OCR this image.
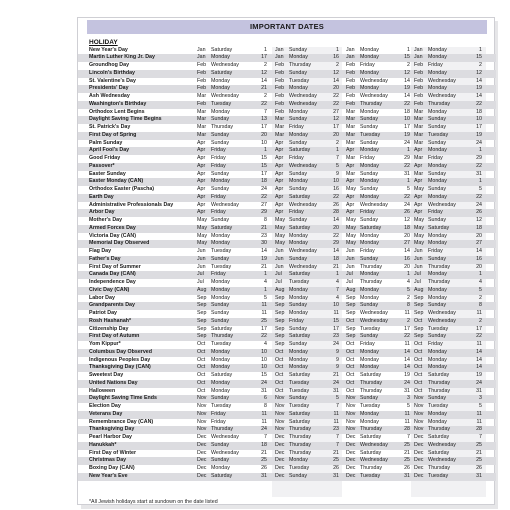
IMPORTANT DATES
HOLIDAY
New Year's Day	Jan Saturday	1 Jan Sunday	1 Jan Monday	1 Jan Monday	1
Martin Luther King Jr. Day	Jan Monday	17 Jan Monday	16 Jan Monday	15 Jan Monday	15
Groundhog Day	Feb Wednesday	2 Feb Thursday	2 Feb Friday	2 Feb Friday	2
Lincoln's Birthday	Feb Saturday	12 Feb Sunday	12 Feb Monday	12 Feb Monday	12
St. Valentine's Day	Feb Monday	14 Feb Tuesday	14 Feb Wednesday	14 Feb Wednesday	14
Presidents' Day	Feb Monday	21 Feb Monday	20 Feb Monday	19 Feb Monday	19
Ash Wednesday	Mar Wednesday	2 Feb Wednesday	22 Feb Wednesday	14 Feb Wednesday	14
Washington's Birthday	Feb Tuesday	22 Feb Wednesday	22 Feb Thursday	22 Feb Thursday	22
Orthodox Lent Begins	Mar Monday	7 Feb Monday	27 Mar Monday	18 Mar Monday	18
Daylight Saving Time Begins	Mar Sunday	13 Mar Sunday	12 Mar Sunday	10 Mar Sunday	10
St. Patrick's Day	Mar Thursday	17 Mar Friday	17 Mar Sunday	17 Mar Sunday	17
First Day of Spring	Mar Sunday	20 Mar Monday	20 Mar Tuesday	19 Mar Tuesday	19
Palm Sunday	Apr Sunday	10 Apr Sunday	2 Mar Sunday	24 Mar Sunday	24
April Fool's Day	Apr Friday	1 Apr Saturday	1 Apr Monday	1 Apr Monday	1
Good Friday	Apr Friday	15 Apr Friday	7 Mar Friday	29 Mar Friday	29
Passover*	Apr Friday	15 Apr Wednesday	5 Apr Monday	22 Apr Monday	22
Easter Sunday	Apr Sunday	17 Apr Sunday	9 Mar Sunday	31 Mar Sunday	31
Easter Monday (CAN)	Apr Monday	18 Apr Monday	10 Apr Monday	1 Apr Monday	1
Orthodox Easter (Pascha)	Apr Sunday	24 Apr Sunday	16 May Sunday	5 May Sunday	5
Earth Day	Apr Friday	22 Apr Saturday	22 Apr Monday	22 Apr Monday	22
Administrative Professionals Day	Apr Wednesday	27 Apr Wednesday	26 Apr Wednesday	24 Apr Wednesday	24
Arbor Day	Apr Friday	29 Apr Friday	28 Apr Friday	26 Apr Friday	26
Mother's Day	May Sunday	8 May Sunday	14 May Sunday	12 May Sunday	12
Armed Forces Day	May Saturday	21 May Saturday	20 May Saturday	18 May Saturday	18
Victoria Day (CAN)	May Monday	23 May Monday	22 May Monday	20 May Monday	20
Memorial Day Observed	May Monday	30 May Monday	29 May Monday	27 May Monday	27
Flag Day	Jun Tuesday	14 Jun Wednesday	14 Jun Friday	14 Jun Friday	14
Father's Day	Jun Sunday	19 Jun Sunday	18 Jun Sunday	16 Jun Sunday	16
First Day of Summer	Jun Tuesday	21 Jun Wednesday	21 Jun Thursday	20 Jun Thursday	20
Canada Day (CAN)	Jul Friday	1 Jul Saturday	1 Jul Monday	1 Jul Monday	1
Independence Day	Jul Monday	4 Jul Tuesday	4 Jul Thursday	4 Jul Thursday	4
Civic Day (CAN)	Aug Monday	1 Aug Monday	7 Aug Monday	5 Aug Monday	5
Labor Day	Sep Monday	5 Sep Monday	4 Sep Monday	2 Sep Monday	2
Grandparents Day	Sep Sunday	11 Sep Sunday	10 Sep Sunday	8 Sep Sunday	8
Patriot Day	Sep Sunday	11 Sep Monday	11 Sep Wednesday	11 Sep Wednesday	11
Rosh Hashanah*	Sep Sunday	25 Sep Friday	15 Oct Wednesday	2 Oct Wednesday	2
Citizenship Day	Sep Saturday	17 Sep Sunday	17 Sep Tuesday	17 Sep Tuesday	17
First Day of Autumn	Sep Thursday	22 Sep Saturday	23 Sep Sunday	22 Sep Sunday	22
Yom Kippur*	Oct Tuesday	4 Sep Sunday	24 Oct Friday	11 Oct Friday	11
Columbus Day Observed	Oct Monday	10 Oct Monday	9 Oct Monday	14 Oct Monday	14
Indigenous Peoples Day	Oct Monday	10 Oct Monday	9 Oct Monday	14 Oct Monday	14
Thanksgiving Day (CAN)	Oct Monday	10 Oct Monday	9 Oct Monday	14 Oct Monday	14
Sweetest Day	Oct Saturday	15 Oct Saturday	21 Oct Saturday	19 Oct Saturday	19
United Nations Day	Oct Monday	24 Oct Tuesday	24 Oct Thursday	24 Oct Thursday	24
Halloween	Oct Monday	31 Oct Tuesday	31 Oct Thursday	31 Oct Thursday	31
Daylight Saving Time Ends	Nov Sunday	6 Nov Sunday	5 Nov Sunday	3 Nov Sunday	3
Election Day	Nov Tuesday	8 Nov Tuesday	7 Nov Tuesday	5 Nov Tuesday	5
Veterans Day	Nov Friday	11 Nov Saturday	11 Nov Monday	11 Nov Monday	11
Remembrance Day (CAN)	Nov Friday	11 Nov Saturday	11 Nov Monday	11 Nov Monday	11
Thanksgiving Day	Nov Thursday	24 Nov Thursday	23 Nov Thursday	28 Nov Thursday	28
Pearl Harbor Day	Dec Wednesday	7 Dec Thursday	7 Dec Saturday	7 Dec Saturday	7
Hanukkah*	Dec Sunday	18 Dec Thursday	7 Dec Wednesday	25 Dec Wednesday	25
First Day of Winter	Dec Wednesday	21 Dec Thursday	21 Dec Saturday	21 Dec Saturday	21
Christmas Day	Dec Sunday	25 Dec Monday	25 Dec Wednesday	25 Dec Wednesday	25
Boxing Day (CAN)	Dec Monday	26 Dec Tuesday	26 Dec Thursday	26 Dec Thursday	26
New Year's Eve	Dec Saturday	31 Dec Sunday	31 Dec Tuesday	31 Dec Tuesday	31
*All Jewish holidays start at sundown on the date listed
